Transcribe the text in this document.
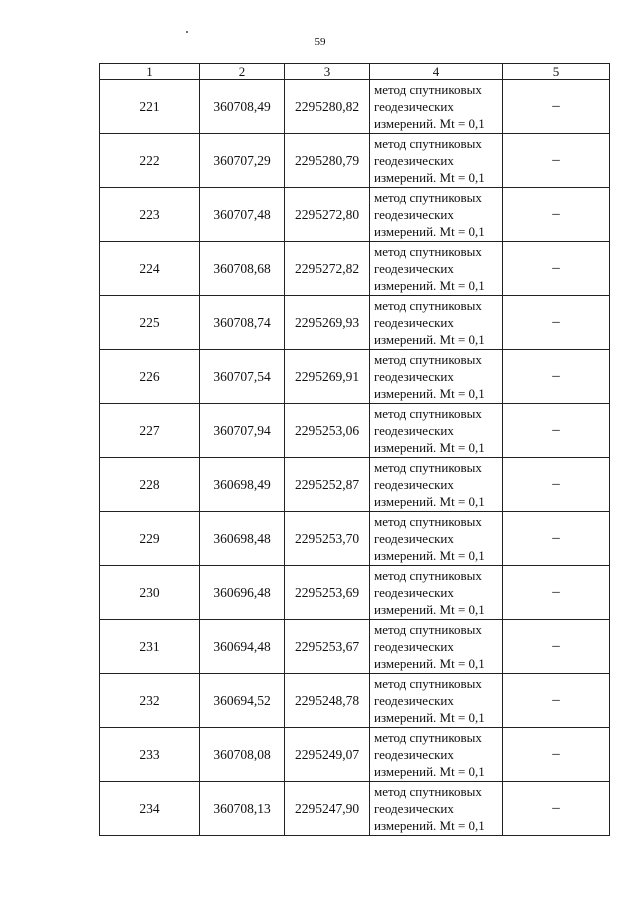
59
1	2	3	4	5
221	360708,49	2295280,82	метод спутниковых
геодезических
измерений. Mt = 0,1	–
222	360707,29	2295280,79	метод спутниковых
геодезических
измерений. Mt = 0,1	–
223	360707,48	2295272,80	метод спутниковых
геодезических
измерений. Mt = 0,1	–
224	360708,68	2295272,82	метод спутниковых
геодезических
измерений. Mt = 0,1	–
225	360708,74	2295269,93	метод спутниковых
геодезических
измерений. Mt = 0,1	–
226	360707,54	2295269,91	метод спутниковых
геодезических
измерений. Mt = 0,1	–
227	360707,94	2295253,06	метод спутниковых
геодезических
измерений. Mt = 0,1	–
228	360698,49	2295252,87	метод спутниковых
геодезических
измерений. Mt = 0,1	–
229	360698,48	2295253,70	метод спутниковых
геодезических
измерений. Mt = 0,1	–
230	360696,48	2295253,69	метод спутниковых
геодезических
измерений. Mt = 0,1	–
231	360694,48	2295253,67	метод спутниковых
геодезических
измерений. Mt = 0,1	–
232	360694,52	2295248,78	метод спутниковых
геодезических
измерений. Mt = 0,1	–
233	360708,08	2295249,07	метод спутниковых
геодезических
измерений. Mt = 0,1	–
234	360708,13	2295247,90	метод спутниковых
геодезических
измерений. Mt = 0,1	–
